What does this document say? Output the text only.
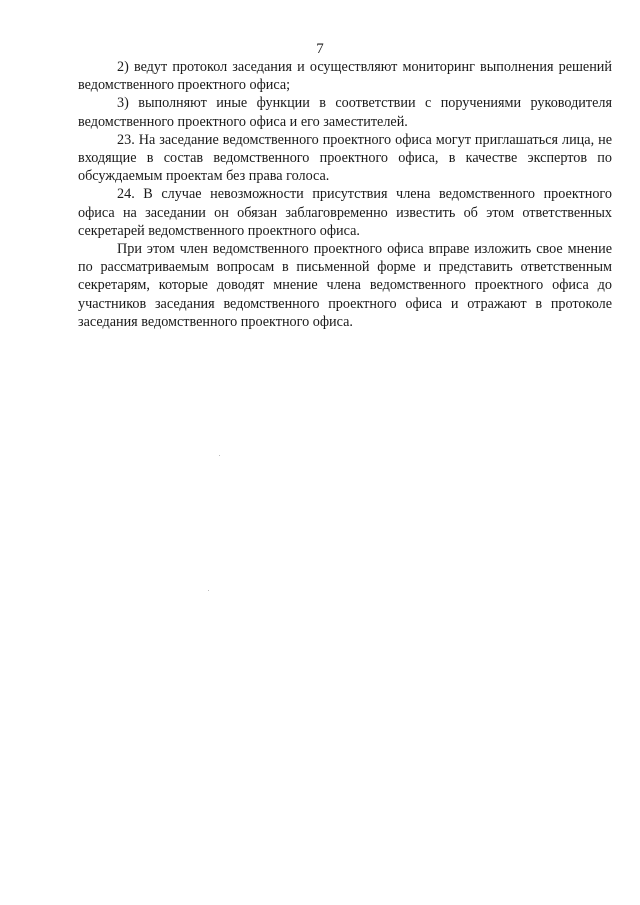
7

2) ведут протокол заседания и осуществляют мониторинг выполнения решений ведомственного проектного офиса;

3) выполняют иные функции в соответствии с поручениями руководителя ведомственного проектного офиса и его заместителей.

23. На заседание ведомственного проектного офиса могут приглашаться лица, не входящие в состав ведомственного проектного офиса, в качестве экспертов по обсуждаемым проектам без права голоса.

24. В случае невозможности присутствия члена ведомственного проектного офиса на заседании он обязан заблаговременно известить об этом ответственных секретарей ведомственного проектного офиса.

При этом член ведомственного проектного офиса вправе изложить свое мнение по рассматриваемым вопросам в письменной форме и представить ответственным секретарям, которые доводят мнение члена ведомственного проектного офиса до участников заседания ведомственного проектного офиса и отражают в протоколе заседания ведомственного проектного офиса.
